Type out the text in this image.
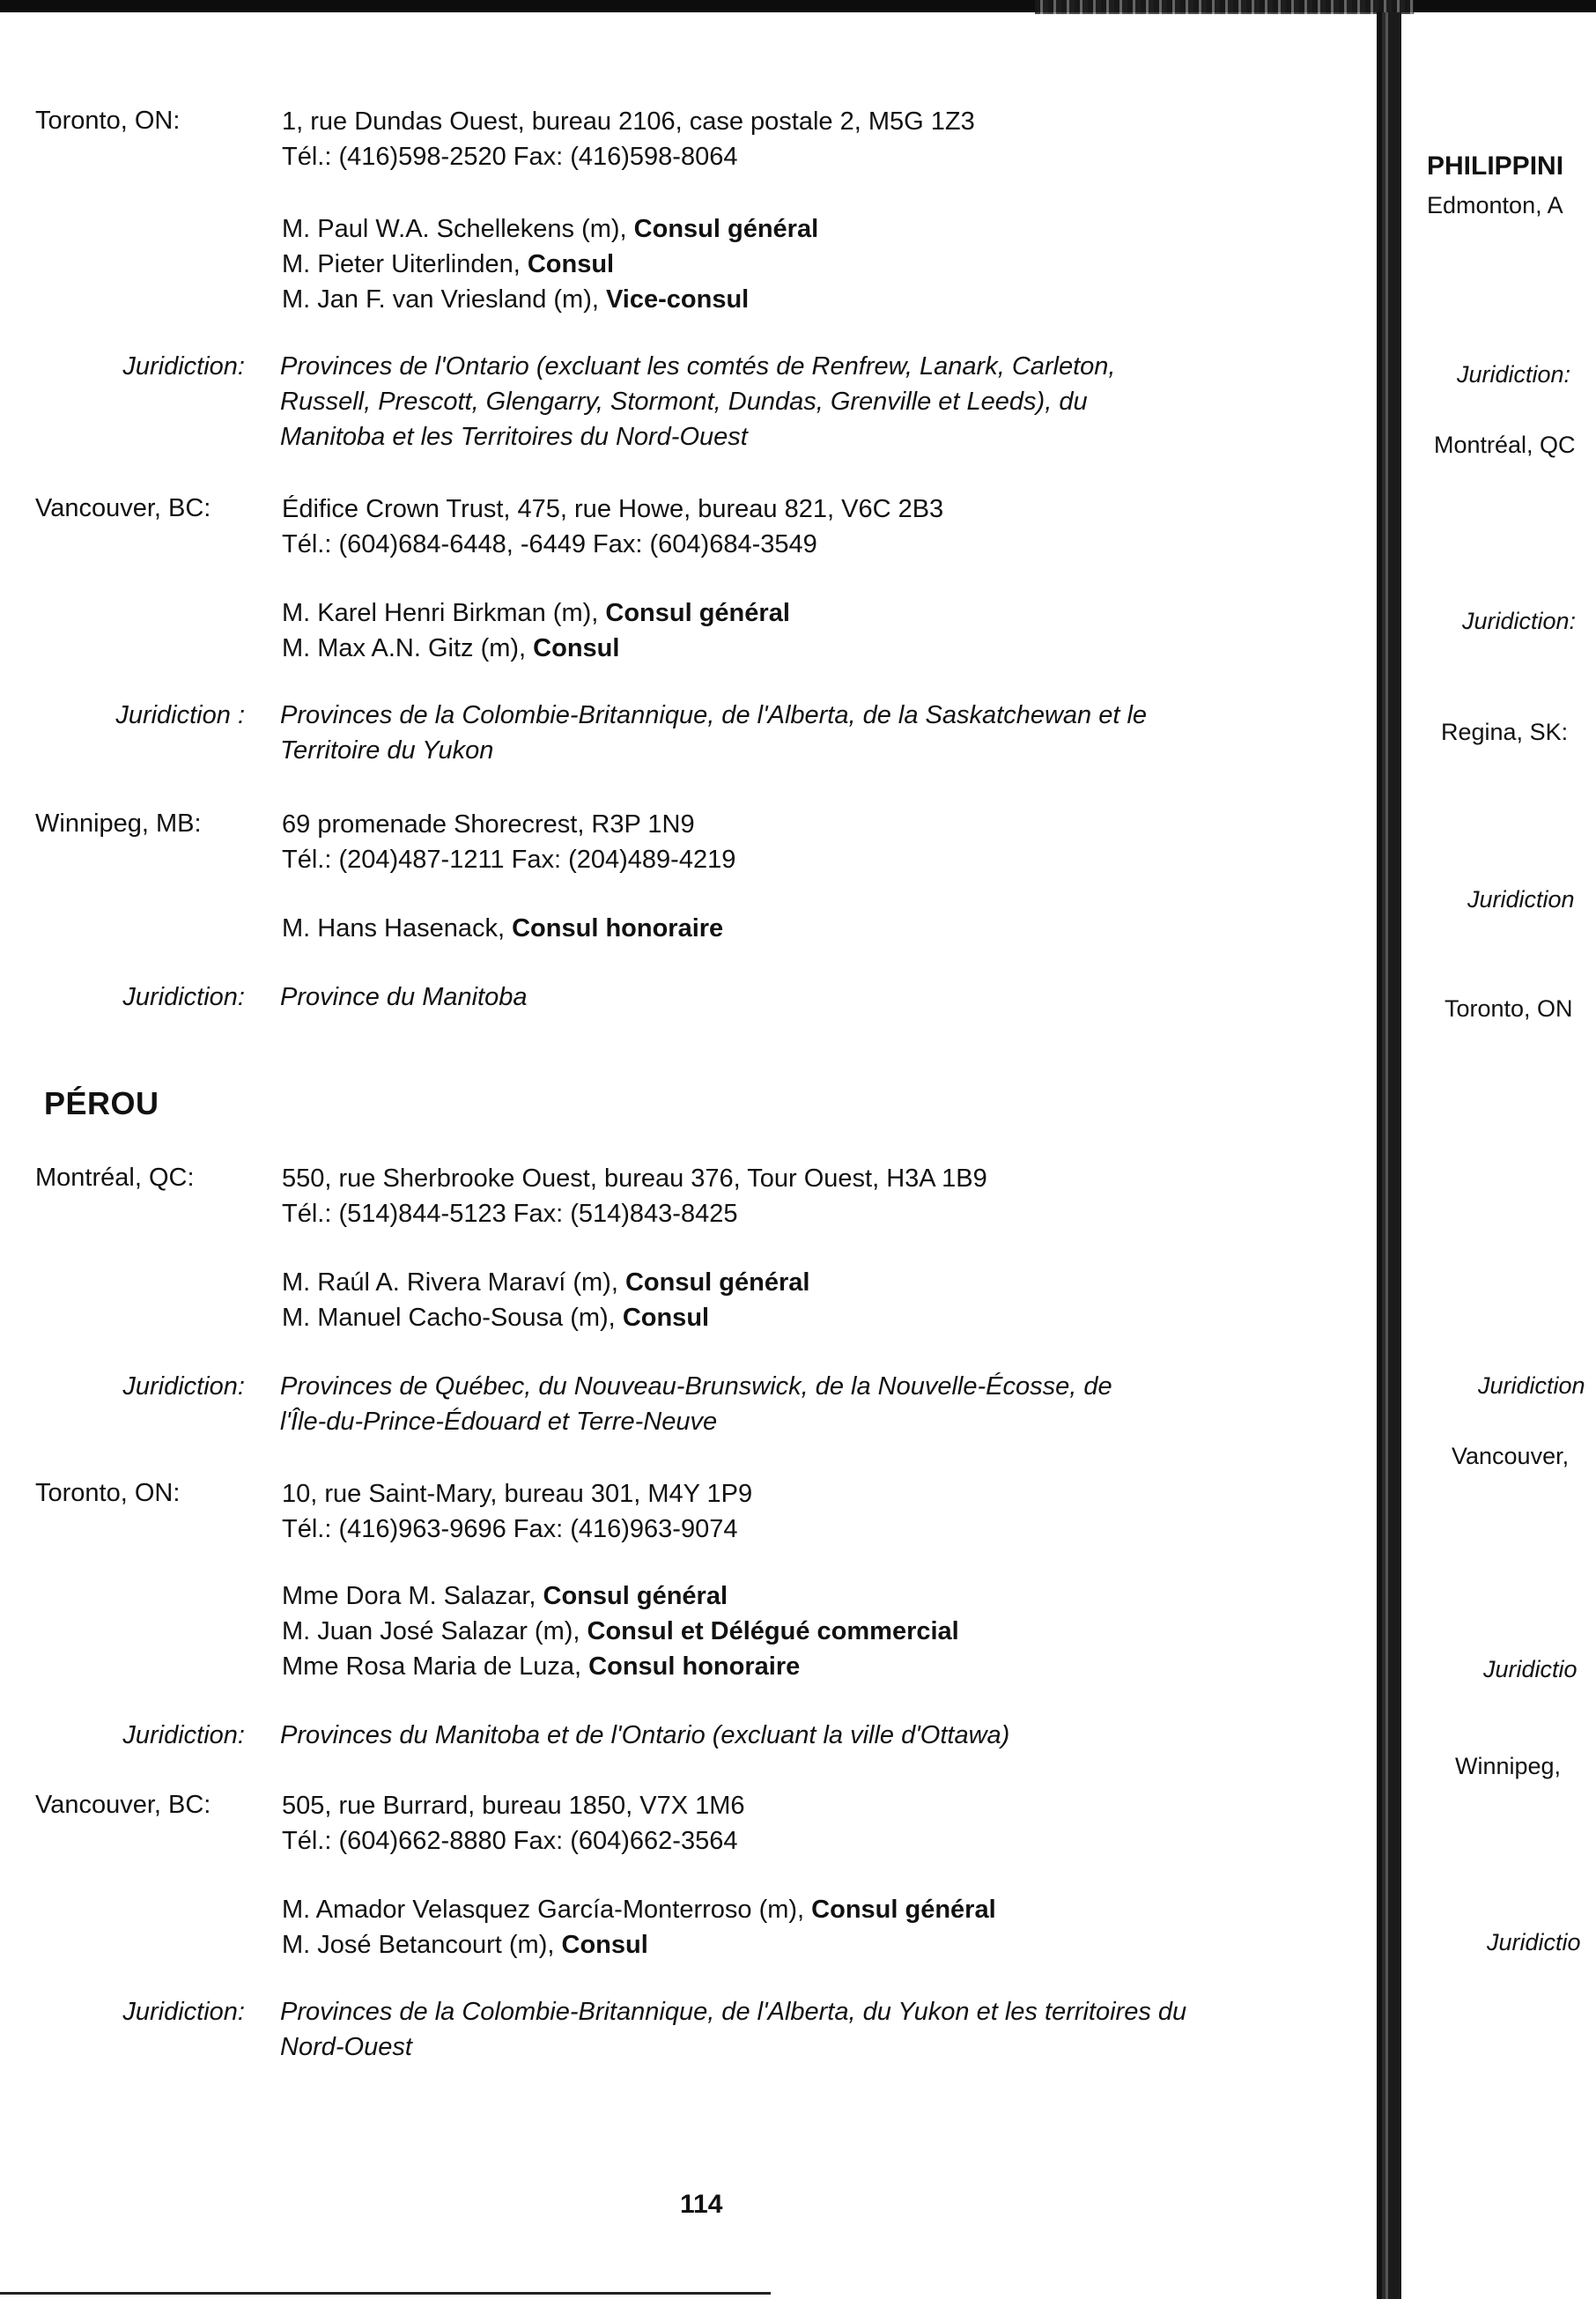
Toronto, ON:	1, rue Dundas Ouest, bureau 2106, case postale 2, M5G 1Z3
Tél.: (416)598-2520 Fax: (416)598-8064
M. Paul W.A. Schellekens (m), Consul général
M. Pieter Uiterlinden, Consul
M. Jan F. van Vriesland (m), Vice-consul
Juridiction: Provinces de l'Ontario (excluant les comtés de Renfrew, Lanark, Carleton,
Russell, Prescott, Glengarry, Stormont, Dundas, Grenville et Leeds), du
Manitoba et les Territoires du Nord-Ouest
Vancouver, BC:	Édifice Crown Trust, 475, rue Howe, bureau 821, V6C 2B3
Tél.: (604)684-6448, -6449 Fax: (604)684-3549
M. Karel Henri Birkman (m), Consul général
M. Max A.N. Gitz (m), Consul
Juridiction : Provinces de la Colombie-Britannique, de l'Alberta, de la Saskatchewan et le
Territoire du Yukon
Winnipeg, MB:	69 promenade Shorecrest, R3P 1N9
Tél.: (204)487-1211 Fax: (204)489-4219
M. Hans Hasenack, Consul honoraire
Juridiction: Province du Manitoba
PÉROU
Montréal, QC:	550, rue Sherbrooke Ouest, bureau 376, Tour Ouest, H3A 1B9
Tél.: (514)844-5123 Fax: (514)843-8425
M. Raúl A. Rivera Maraví (m), Consul général
M. Manuel Cacho-Sousa (m), Consul
Juridiction: Provinces de Québec, du Nouveau-Brunswick, de la Nouvelle-Écosse, de
l'Île-du-Prince-Édouard et Terre-Neuve
Toronto, ON:	10, rue Saint-Mary, bureau 301, M4Y 1P9
Tél.: (416)963-9696 Fax: (416)963-9074
Mme Dora M. Salazar, Consul général
M. Juan José Salazar (m), Consul et Délégué commercial
Mme Rosa Maria de Luza, Consul honoraire
Juridiction: Provinces du Manitoba et de l'Ontario (excluant la ville d'Ottawa)
Vancouver, BC:	505, rue Burrard, bureau 1850, V7X 1M6
Tél.: (604)662-8880 Fax: (604)662-3564
M. Amador Velasquez García-Monterroso (m), Consul général
M. José Betancourt (m), Consul
Juridiction: Provinces de la Colombie-Britannique, de l'Alberta, du Yukon et les territoires du
Nord-Ouest
114
PHILIPPINI
Edmonton, A
Juridiction:
Montréal, QC
Juridiction:
Regina, SK:
Juridiction
Toronto, ON
Juridiction
Vancouver,
Juridictio
Winnipeg,
Juridictio
